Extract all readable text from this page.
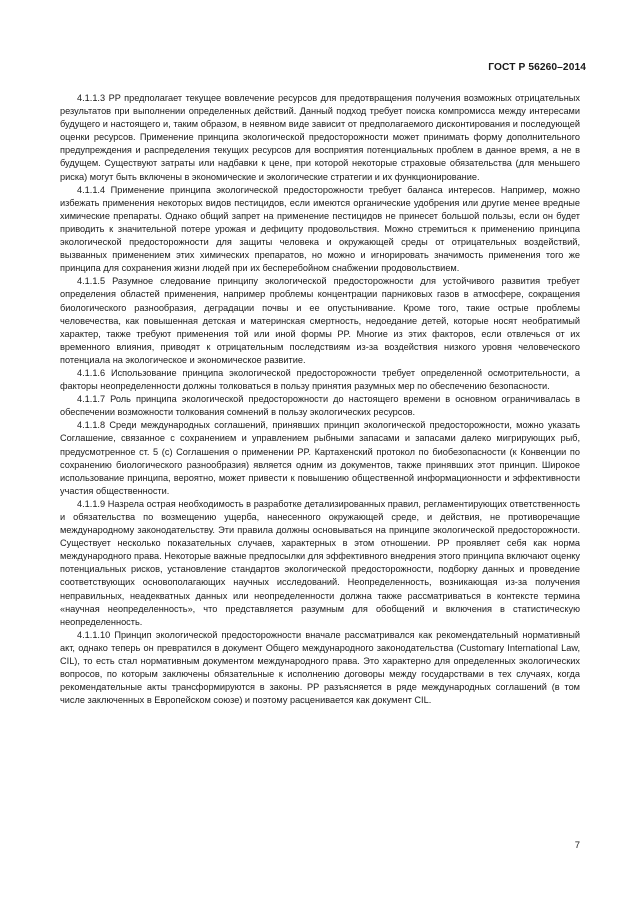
ГОСТ Р 56260–2014

4.1.1.3 PP предполагает текущее вовлечение ресурсов для предотвращения получения возможных отрицательных результатов при выполнении определенных действий. Данный подход требует поиска компромисса между интересами будущего и настоящего и, таким образом, в неявном виде зависит от предполагаемого дисконтирования и последующей оценки ресурсов. Применение принципа экологической предосторожности может принимать форму дополнительного предупреждения и распределения текущих ресурсов для восприятия потенциальных проблем в данное время, а не в будущем. Существуют затраты или надбавки к цене, при которой некоторые страховые обязательства (для меньшего риска) могут быть включены в экономические и экологические стратегии и их функционирование.

4.1.1.4 Применение принципа экологической предосторожности требует баланса интересов. Например, можно избежать применения некоторых видов пестицидов, если имеются органические удобрения или другие менее вредные химические препараты. Однако общий запрет на применение пестицидов не принесет большой пользы, если он будет приводить к значительной потере урожая и дефициту продовольствия. Можно стремиться к применению принципа экологической предосторожности для защиты человека и окружающей среды от отрицательных воздействий, вызванных применением этих химических препаратов, но можно и игнорировать значимость применения того же принципа для сохранения жизни людей при их бесперебойном снабжении продовольствием.

4.1.1.5 Разумное следование принципу экологической предосторожности для устойчивого развития требует определения областей применения, например проблемы концентрации парниковых газов в атмосфере, сокращения биологического разнообразия, деградации почвы и ее опустынивание. Кроме того, такие острые проблемы человечества, как повышенная детская и материнская смертность, недоедание детей, которые носят необратимый характер, также требуют применения той или иной формы PP. Многие из этих факторов, если отвлечься от их временного влияния, приводят к отрицательным последствиям из-за воздействия низкого уровня человеческого потенциала на экологическое и экономическое развитие.

4.1.1.6 Использование принципа экологической предосторожности требует определенной осмотрительности, а факторы неопределенности должны толковаться в пользу принятия разумных мер по обеспечению безопасности.

4.1.1.7 Роль принципа экологической предосторожности до настоящего времени в основном ограничивалась в обеспечении возможности толкования сомнений в пользу экологических ресурсов.

4.1.1.8 Среди международных соглашений, принявших принцип экологической предосторожности, можно указать Соглашение, связанное с сохранением и управлением рыбными запасами и запасами далеко мигрирующих рыб, предусмотренное ст. 5 (c) Соглашения о применении PP. Картахенский протокол по биобезопасности (к Конвенции по сохранению биологического разнообразия) является одним из документов, также принявших этот принцип. Широкое использование принципа, вероятно, может привести к повышению общественной информационности и эффективности участия общественности.

4.1.1.9 Назрела острая необходимость в разработке детализированных правил, регламентирующих ответственность и обязательства по возмещению ущерба, нанесенного окружающей среде, и действия, не противоречащие международному законодательству. Эти правила должны основываться на принципе экологической предосторожности. Существует несколько показательных случаев, характерных в этом отношении. PP проявляет себя как норма международного права. Некоторые важные предпосылки для эффективного внедрения этого принципа включают оценку потенциальных рисков, установление стандартов экологической предосторожности, подборку данных и проведение соответствующих основополагающих научных исследований. Неопределенность, возникающая из-за получения неправильных, неадекватных данных или неопределенности должна также рассматриваться в контексте термина «научная неопределенность», что представляется разумным для обобщений и включения в статистическую неопределенность.

4.1.1.10 Принцип экологической предосторожности вначале рассматривался как рекомендательный нормативный акт, однако теперь он превратился в документ Общего международного законодательства (Customary International Law, CIL), то есть стал нормативным документом международного права. Это характерно для определенных экологических вопросов, по которым заключены обязательные к исполнению договоры между государствами в тех случаях, когда рекомендательные акты трансформируются в законы. PP разъясняется в ряде международных соглашений (в том числе заключенных в Европейском союзе) и поэтому расценивается как документ CIL.

7
